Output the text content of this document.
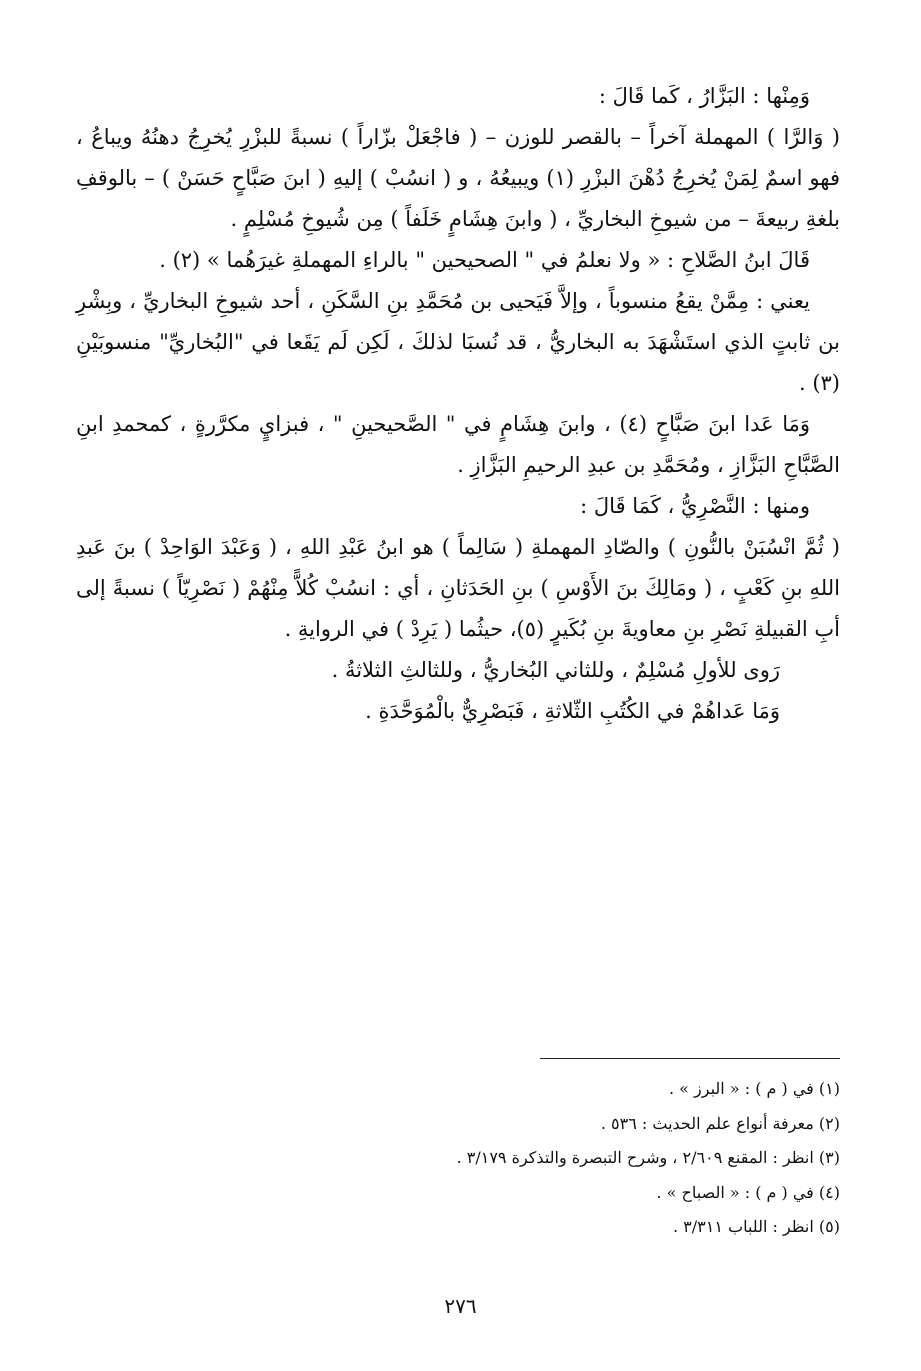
وَمِنْها : البَزَّارُ ، كَما قَالَ :

( وَالرَّا ) المهملة آخراً – بالقصر للوزن – ( فاجْعَلْ بزّاراً ) نسبةً للبزْرِ يُخرِجُ دهنُهُ ويباعُ ، فهو اسمٌ لِمَنْ يُخرِجُ دُهْنَ البزْرِ (١) ويبيعُهُ ، و ( انسُبْ ) إليهِ ( ابنَ صَبَّاحٍ حَسَنْ ) – بالوقفِ بلغةِ ربيعةَ – من شيوخِ البخاريِّ ، ( وابنَ هِشَامٍ خَلَفاً ) مِن شُيوخِ مُسْلِمٍ .

قَالَ ابنُ الصَّلاحِ : « ولا نعلمُ في " الصحيحين " بالراءِ المهملةِ غيرَهُما » (٢) .

يعني : مِمَّنْ يقعُ منسوباً ، وإلاَّ فَيَحيى بن مُحَمَّدِ بنِ السَّكَنِ ، أحد شيوخِ البخاريِّ ، وبِشْرِ بن ثابتٍ الذي استَشْهَدَ به البخاريُّ ، قد نُسبَا لذلكَ ، لَكِن لَم يَقَعا في "البُخاريِّ" منسوبَيْنِ (٣) .

وَمَا عَدا ابنَ صَبَّاحٍ (٤) ، وابنَ هِشَامٍ في " الصَّحيحينِ " ، فبزايٍ مكرَّرةٍ ، كمحمدِ ابنِ الصَّبَّاحِ البَزَّازِ ، ومُحَمَّدِ بن عبدِ الرحيمِ البَزَّازِ .

ومنها : النَّصْرِيُّ ، كَمَا قَالَ :

( ثُمَّ انْسُبَنْ بالنُّونِ ) والصّادِ المهملةِ ( سَالِماً ) هو ابنُ عَبْدِ اللهِ ، ( وَعَبْدَ الوَاحِدْ ) بنَ عَبدِ اللهِ بنِ كَعْبٍ ، ( ومَالِكَ بنَ الأَوْسِ ) بنِ الحَدَثانِ ، أي : انسُبْ كُلاًّ مِنْهُمْ ( نَصْرِيّاً ) نسبةً إلى أبِ القبيلةِ نَصْرِ بنِ معاويةَ بنِ بُكَيرٍ (٥)، حيثُما ( يَرِدْ ) في الروايةِ .

رَوى للأولِ مُسْلِمٌ ، وللثاني البُخاريُّ ، وللثالثِ الثلاثةُ .

وَمَا عَداهُمْ في الكُتُبِ الثّلاثةِ ، فَبَصْرِيٌّ بالْمُوَحَّدَةِ .

(١) في ( م ) : « البرز » .

(٢) معرفة أنواع علم الحديث : ٥٣٦ .

(٣) انظر : المقنع ٢/٦٠٩ ، وشرح التبصرة والتذكرة ٣/١٧٩ .

(٤) في ( م ) : « الصباح » .

(٥) انظر : اللباب ٣/٣١١ .

٢٧٦
